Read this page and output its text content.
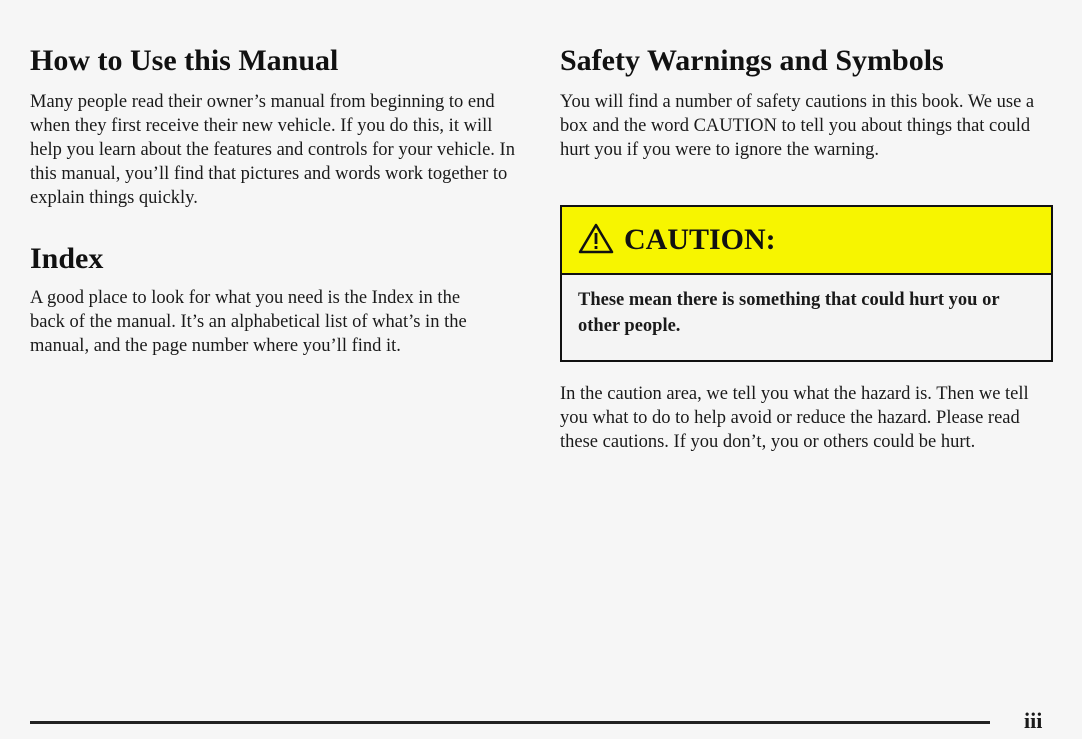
How to Use this Manual

Many people read their owner’s manual from beginning to end when they first receive their new vehicle. If you do this, it will help you learn about the features and controls for your vehicle. In this manual, you’ll find that pictures and words work together to explain things quickly.

Index

A good place to look for what you need is the Index in the back of the manual. It’s an alphabetical list of what’s in the manual, and the page number where you’ll find it.

Safety Warnings and Symbols

You will find a number of safety cautions in this book. We use a box and the word CAUTION to tell you about things that could hurt you if you were to ignore the warning.

CAUTION:
These mean there is something that could hurt you or other people.

In the caution area, we tell you what the hazard is. Then we tell you what to do to help avoid or reduce the hazard. Please read these cautions. If you don’t, you or others could be hurt.

iii
